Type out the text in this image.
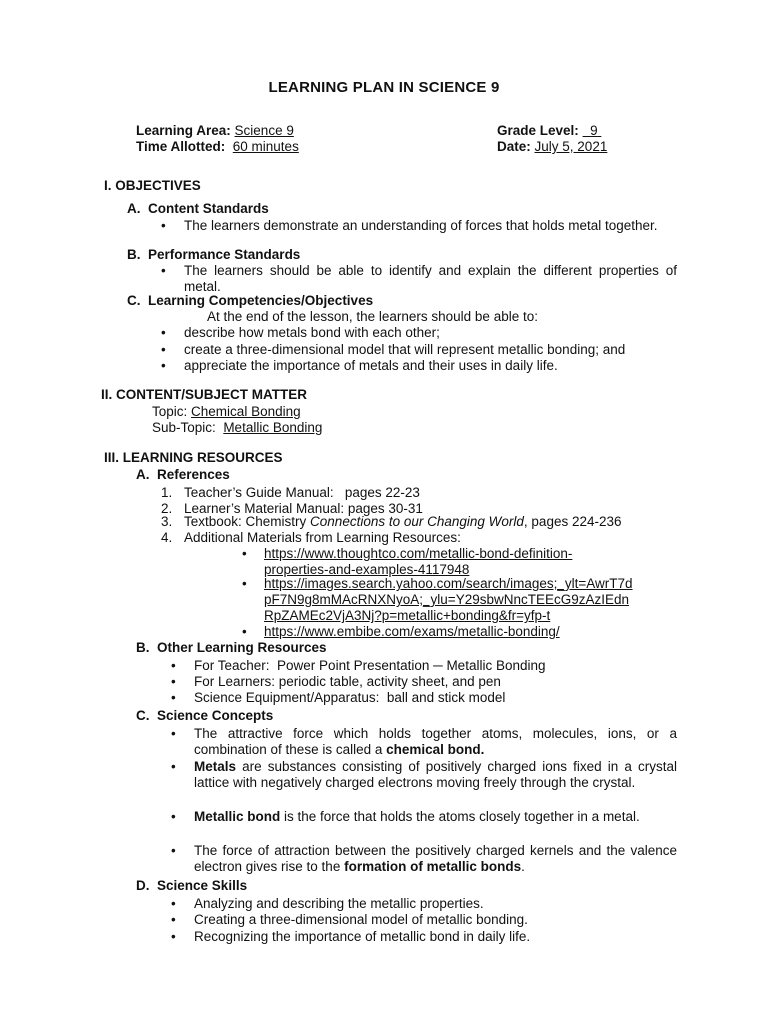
LEARNING PLAN IN SCIENCE 9
Learning Area: Science 9	Grade Level: 9
Time Allotted: 60 minutes	Date: July 5, 2021
I. OBJECTIVES
A. Content Standards
• The learners demonstrate an understanding of forces that holds metal together.
B. Performance Standards
• The learners should be able to identify and explain the different properties of metal.
C. Learning Competencies/Objectives
At the end of the lesson, the learners should be able to:
• describe how metals bond with each other;
• create a three-dimensional model that will represent metallic bonding; and
• appreciate the importance of metals and their uses in daily life.
II. CONTENT/SUBJECT MATTER
Topic: Chemical Bonding
Sub-Topic: Metallic Bonding
III. LEARNING RESOURCES
A. References
1. Teacher’s Guide Manual:   pages 22-23
2. Learner’s Material Manual: pages 30-31
3. Textbook: Chemistry Connections to our Changing World, pages 224-236
4. Additional Materials from Learning Resources:
• https://www.thoughtco.com/metallic-bond-definition-
properties-and-examples-4117948
• https://images.search.yahoo.com/search/images;_ylt=AwrT7d
pF7N9g8mMAcRNXNyoA;_ylu=Y29sbwNncTEEcG9zAzIEdn
RpZAMEc2VjA3Nj?p=metallic+bonding&fr=yfp-t
• https://www.embibe.com/exams/metallic-bonding/
B. Other Learning Resources
• For Teacher:  Power Point Presentation ─ Metallic Bonding
• For Learners: periodic table, activity sheet, and pen
• Science Equipment/Apparatus:  ball and stick model
C. Science Concepts
• The attractive force which holds together atoms, molecules, ions, or a combination of these is called a chemical bond.
• Metals are substances consisting of positively charged ions fixed in a crystal lattice with negatively charged electrons moving freely through the crystal.
• Metallic bond is the force that holds the atoms closely together in a metal.
• The force of attraction between the positively charged kernels and the valence electron gives rise to the formation of metallic bonds.
D. Science Skills
• Analyzing and describing the metallic properties.
• Creating a three-dimensional model of metallic bonding.
• Recognizing the importance of metallic bond in daily life.
